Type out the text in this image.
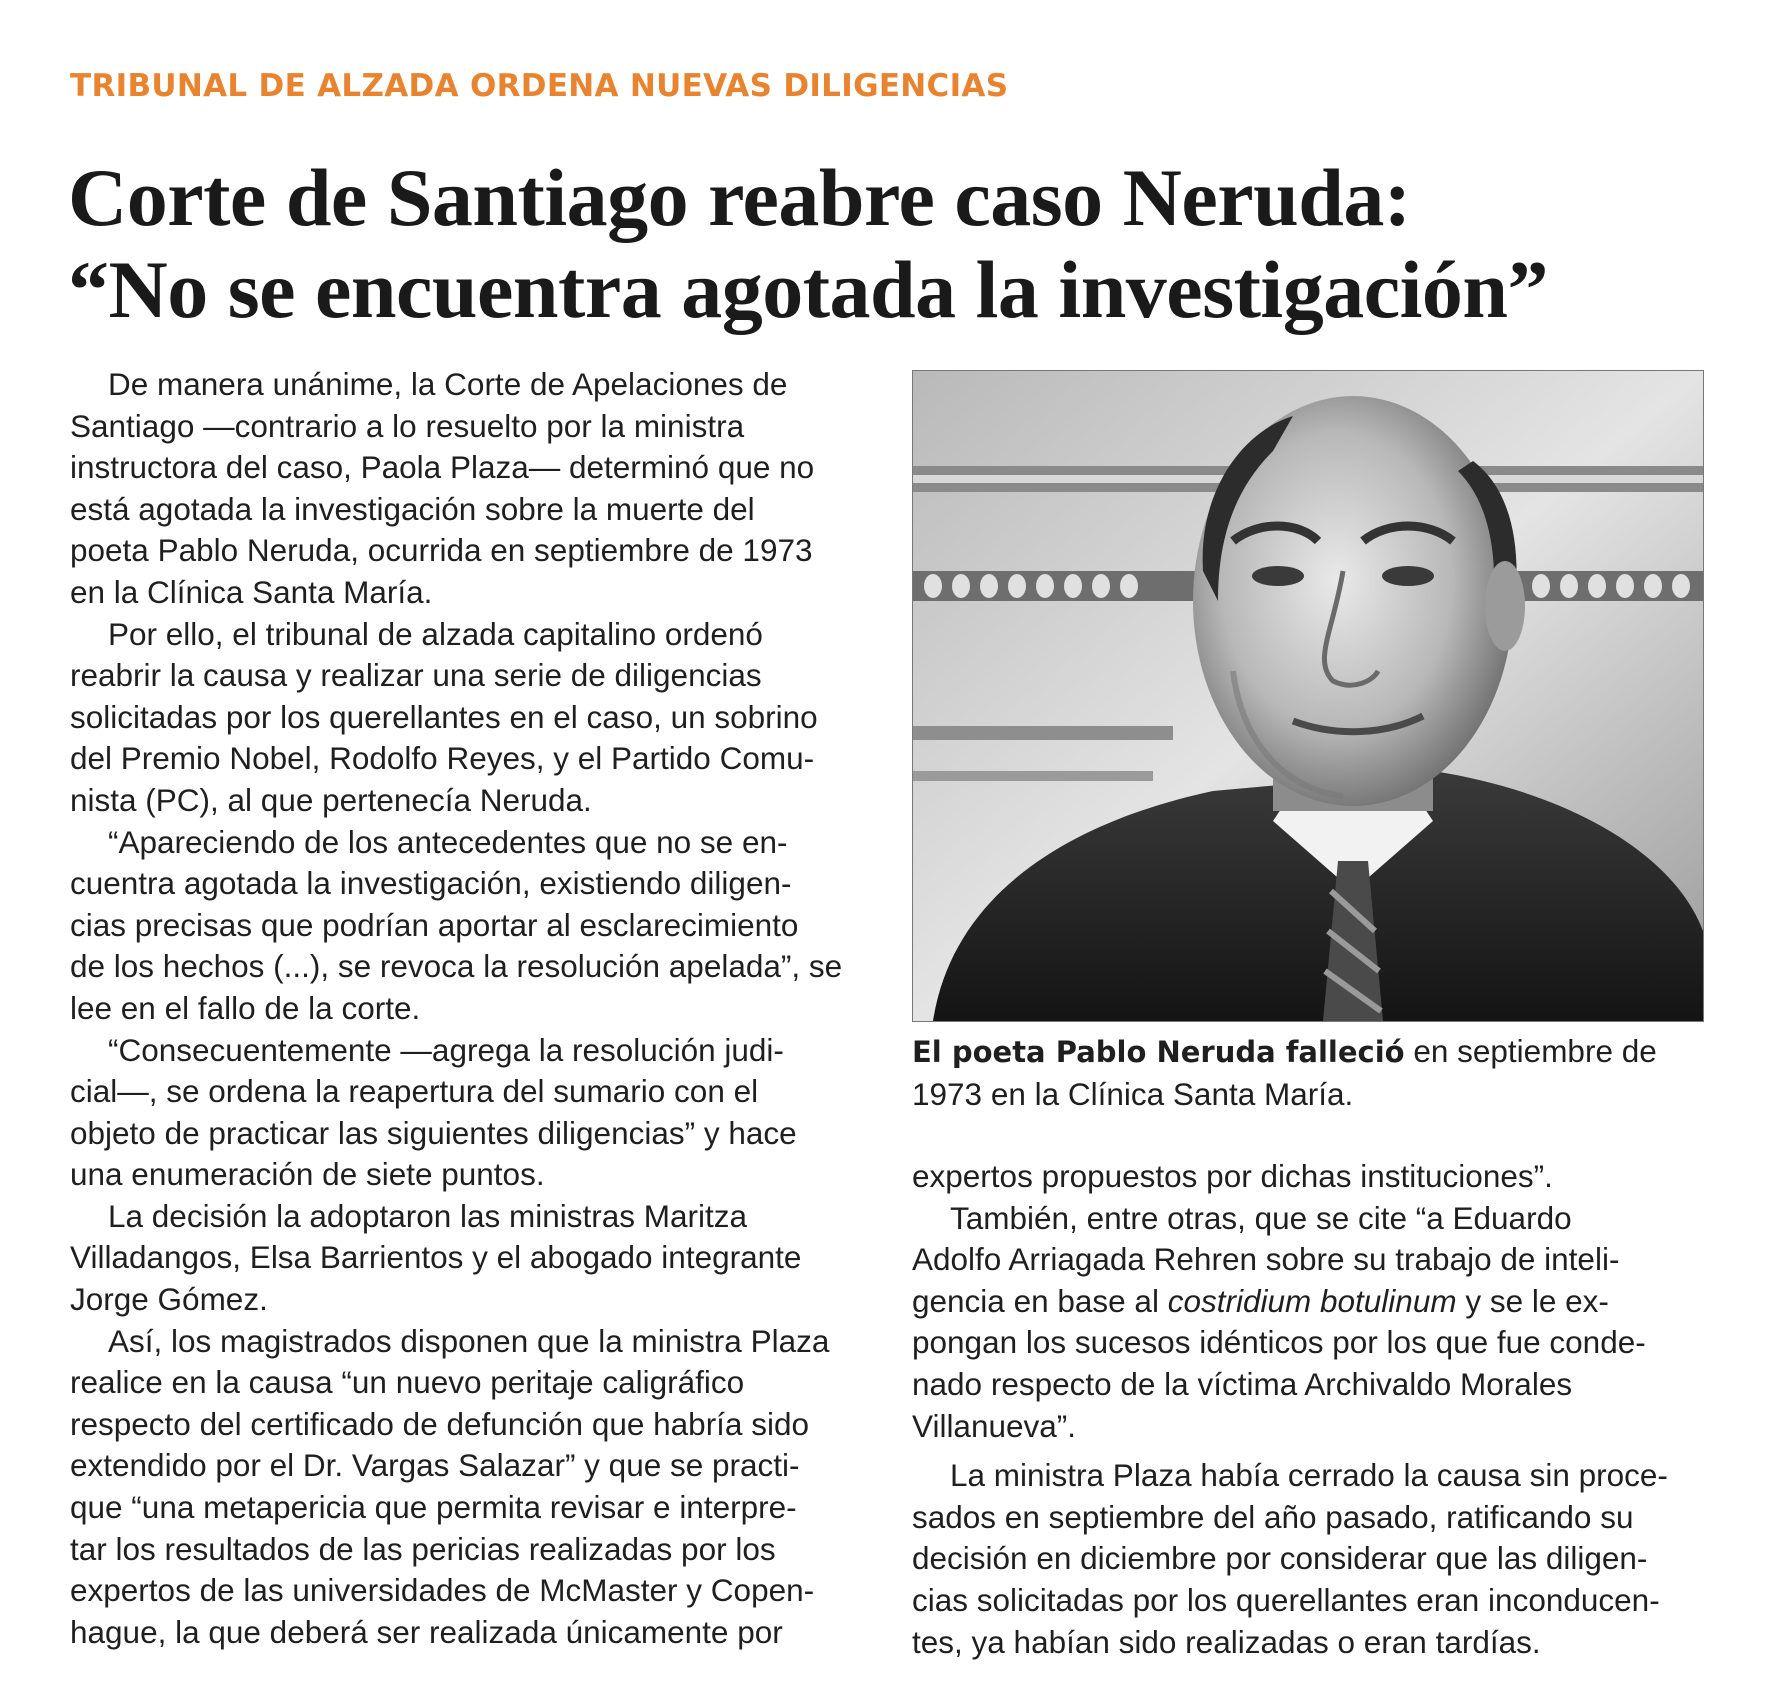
TRIBUNAL DE ALZADA ORDENA NUEVAS DILIGENCIAS
Corte de Santiago reabre caso Neruda:
“No se encuentra agotada la investigación”
De manera unánime, la Corte de Apelaciones de
Santiago —contrario a lo resuelto por la ministra
instructora del caso, Paola Plaza— determinó que no
está agotada la investigación sobre la muerte del
poeta Pablo Neruda, ocurrida en septiembre de 1973
en la Clínica Santa María.
Por ello, el tribunal de alzada capitalino ordenó
reabrir la causa y realizar una serie de diligencias
solicitadas por los querellantes en el caso, un sobrino
del Premio Nobel, Rodolfo Reyes, y el Partido Comu-
nista (PC), al que pertenecía Neruda.
“Apareciendo de los antecedentes que no se en-
cuentra agotada la investigación, existiendo diligen-
cias precisas que podrían aportar al esclarecimiento
de los hechos (...), se revoca la resolución apelada”, se
lee en el fallo de la corte.
“Consecuentemente —agrega la resolución judi-
cial—, se ordena la reapertura del sumario con el
objeto de practicar las siguientes diligencias” y hace
una enumeración de siete puntos.
La decisión la adoptaron las ministras Maritza
Villadangos, Elsa Barrientos y el abogado integrante
Jorge Gómez.
Así, los magistrados disponen que la ministra Plaza
realice en la causa “un nuevo peritaje caligráfico
respecto del certificado de defunción que habría sido
extendido por el Dr. Vargas Salazar” y que se practi-
que “una metapericia que permita revisar e interpre-
tar los resultados de las pericias realizadas por los
expertos de las universidades de McMaster y Copen-
hague, la que deberá ser realizada únicamente por
El poeta Pablo Neruda falleció en septiembre de
1973 en la Clínica Santa María.
expertos propuestos por dichas instituciones”.
También, entre otras, que se cite “a Eduardo
Adolfo Arriagada Rehren sobre su trabajo de inteli-
gencia en base al costridium botulinum y se le ex-
pongan los sucesos idénticos por los que fue conde-
nado respecto de la víctima Archivaldo Morales
Villanueva”.
La ministra Plaza había cerrado la causa sin proce-
sados en septiembre del año pasado, ratificando su
decisión en diciembre por considerar que las diligen-
cias solicitadas por los querellantes eran inconducen-
tes, ya habían sido realizadas o eran tardías.
